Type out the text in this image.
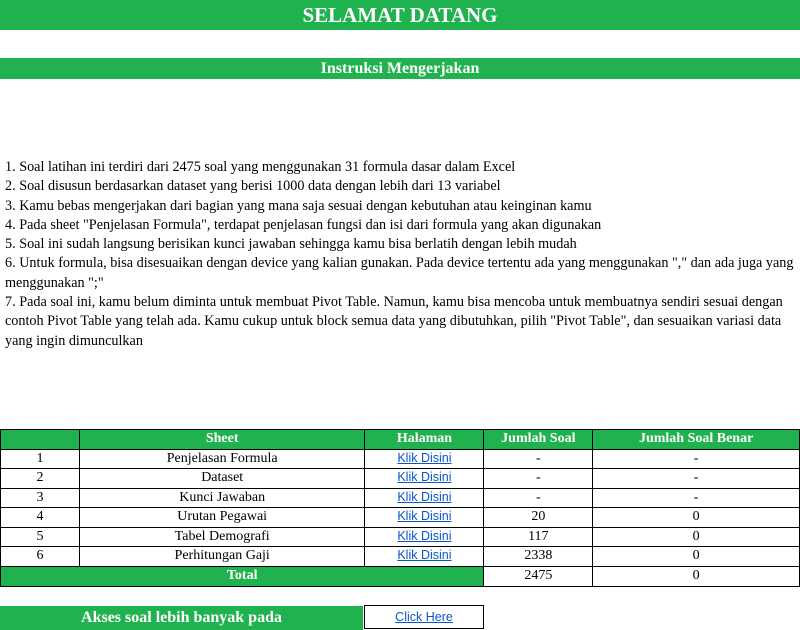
SELAMAT DATANG
Instruksi Mengerjakan

1. Soal latihan ini terdiri dari 2475 soal yang menggunakan 31 formula dasar dalam Excel

2. Soal disusun berdasarkan dataset yang berisi 1000 data dengan lebih dari 13 variabel

3. Kamu bebas mengerjakan dari bagian yang mana saja sesuai dengan kebutuhan atau keinginan kamu

4. Pada sheet "Penjelasan Formula", terdapat penjelasan fungsi dan isi dari formula yang akan digunakan

5. Soal ini sudah langsung berisikan kunci jawaban sehingga kamu bisa berlatih dengan lebih mudah

6. Untuk formula, bisa disesuaikan dengan device yang kalian gunakan. Pada device tertentu ada yang menggunakan "," dan ada juga yang menggunakan ";"

7. Pada soal ini, kamu belum diminta untuk membuat Pivot Table. Namun, kamu bisa mencoba untuk membuatnya sendiri sesuai dengan contoh Pivot Table yang telah ada. Kamu cukup untuk block semua data yang dibutuhkan, pilih "Pivot Table", dan sesuaikan variasi data yang ingin dimunculkan

	Sheet	Halaman	Jumlah Soal	Jumlah Soal Benar
1	Penjelasan Formula	Klik Disini	-	-
2	Dataset	Klik Disini	-	-
3	Kunci Jawaban	Klik Disini	-	-
4	Urutan Pegawai	Klik Disini	20	0
5	Tabel Demografi	Klik Disini	117	0
6	Perhitungan Gaji	Klik Disini	2338	0
Total			2475	0
Akses soal lebih banyak pada	Click Here
